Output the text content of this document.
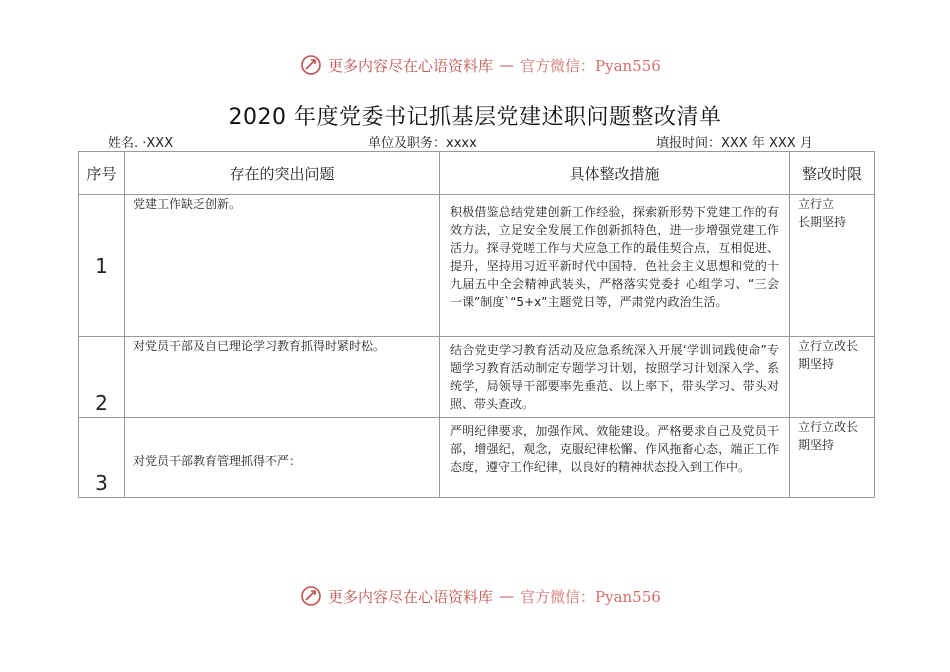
更多内容尽在心语资料库 — 官方微信：Pyan556
2020 年度党委书记抓基层党建述职问题整改清单
姓名. ·XXX	单位及职务：xxxx	填报时间：XXX 年 XXX 月
序号	存在的突出问题	具体整改措施	整改时限
1	党建工作缺乏创新。	积极借鉴总结党建创新工作经验，探索新形势下党建工作的有效方法，立足安全发展工作创新抓特色，进一步增强党建工作活力。探寻党嗟工作与犬应急工作的最佳契合点，互相促进、提升，坚持用习近平新时代中国特．色社会主义思想和党的十九届五中全会精神武装头，严格落实党委扌心组学习、“三会一课”制度`“5+x”主题党日等，严肃党内政治生活。	立行立
长期坚持

2	对党员干部及自已理论学习教育抓得时紧时松。	结合党吏学习教育活动及应急系统深入开展‘学训词践使命”专题学习教育活动制定专题学习计划，按照学习计划深入学、系统学，局领导干部要率先垂范、以上率下，带头学习、带头对照、带头查改。	立行立改长
期坚持

3	对党员干部教育管理抓得不严：	严明纪律要求，加强作风、效能建设。严格要求自己及党员干部，增强纪，观念，克服纪律松懈、作风拖畜心态，端正工作态度，遵守工作纪律，以良好的精神状态投入到工作中。	立行立改长
期坚持
更多内容尽在心语资料库 — 官方微信：Pyan556
